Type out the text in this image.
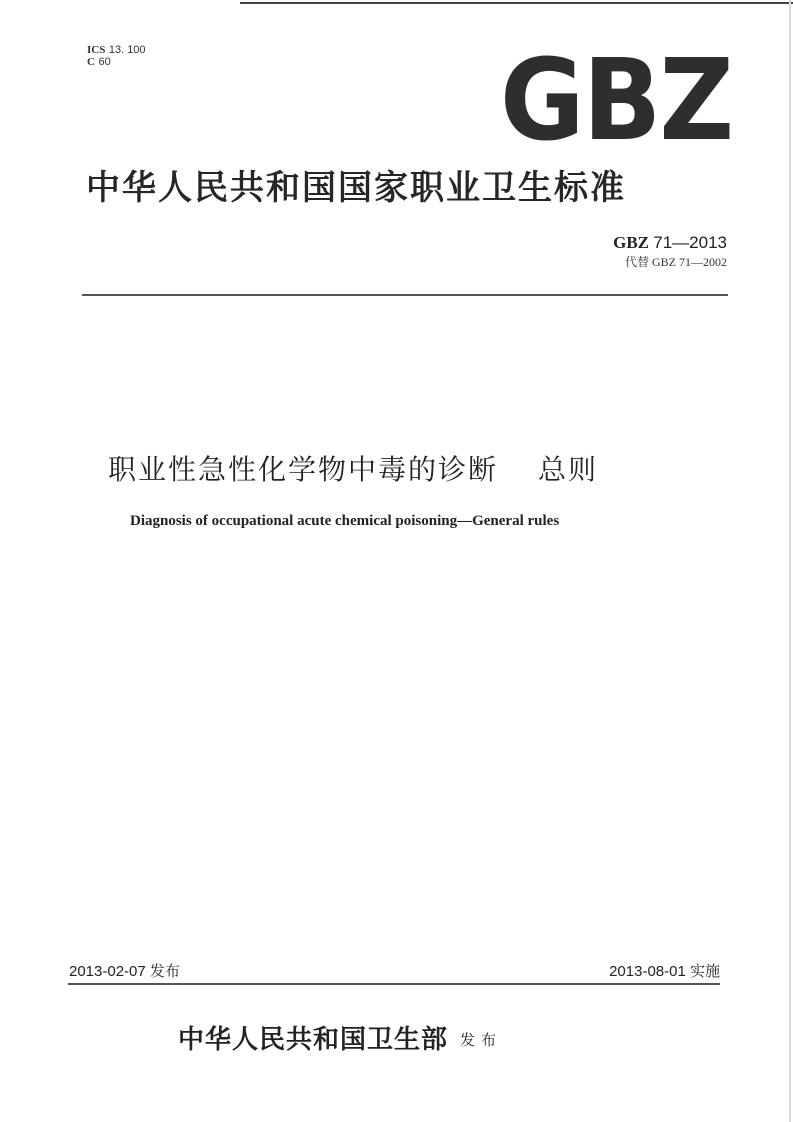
ICS 13. 100
C 60	GBZ
中华人民共和国国家职业卫生标准
GBZ 71—2013
代替 GBZ 71—2002
职业性急性化学物中毒的诊断 总则
Diagnosis of occupational acute chemical poisoning—General rules
2013-02-07 发布	2013-08-01 实施
中华人民共和国卫生部 发布
